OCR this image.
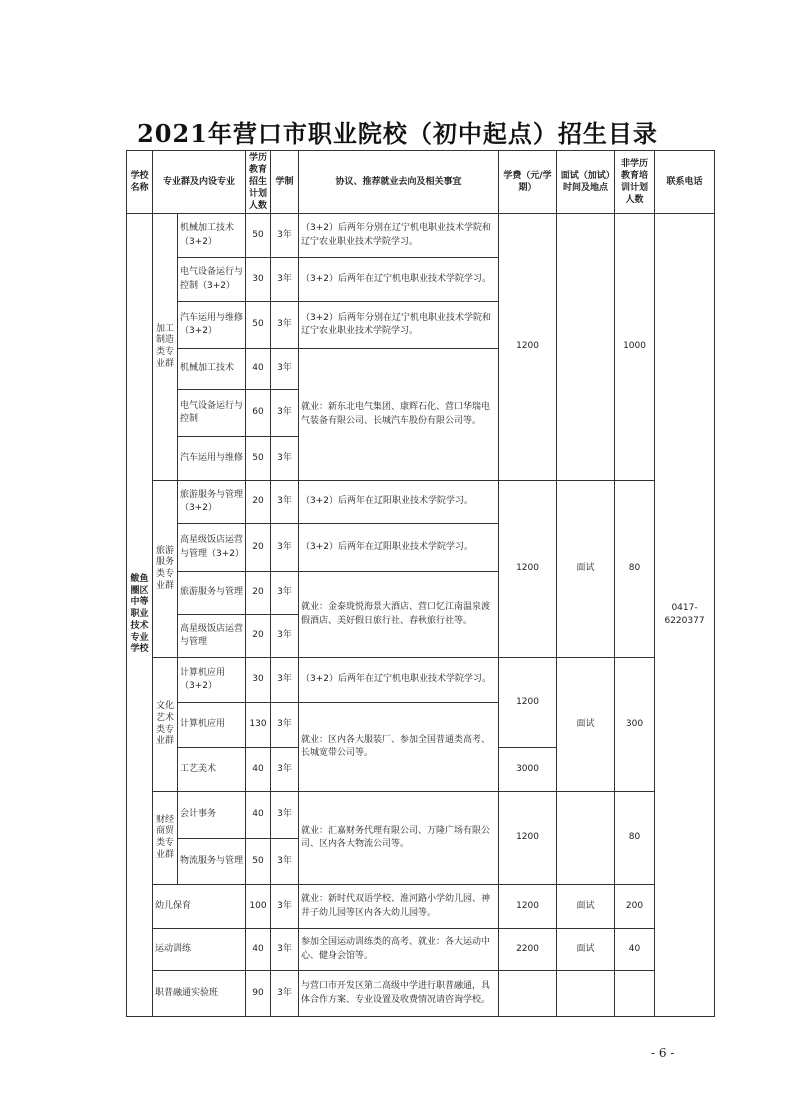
2021年营口市职业院校（初中起点）招生目录
学校名称	专业群及内设专业		学历教育招生计划人数	学制	协议、推荐就业去向及相关事宜	学费（元/学期）	面试（加试）时间及地点	非学历教育培训计划人数	联系电话
鲅鱼圈区中等职业技术专业学校	加工制造类专业群	机械加工技术（3+2）	50	3年	（3+2）后两年分别在辽宁机电职业技术学院和辽宁农业职业技术学院学习。	1200		1000	0417-6220377
		电气设备运行与控制（3+2）	30	3年	（3+2）后两年在辽宁机电职业技术学院学习。				
		汽车运用与维修（3+2）	50	3年	（3+2）后两年分别在辽宁机电职业技术学院和辽宁农业职业技术学院学习。				
		机械加工技术	40	3年	就业：新东北电气集团、康辉石化、营口华瑞电气装备有限公司、长城汽车股份有限公司等。				
		电气设备运行与控制	60	3年					
		汽车运用与维修	50	3年					
	旅游服务类专业群	旅游服务与管理（3+2）	20	3年	（3+2）后两年在辽阳职业技术学院学习。	1200	面试	80	
		高星级饭店运营与管理（3+2）	20	3年	（3+2）后两年在辽阳职业技术学院学习。				
		旅游服务与管理	20	3年	就业：金泰珑悦海景大酒店、营口忆江南温泉渡假酒店、美好假日旅行社、春秋旅行社等。				
		高星级饭店运营与管理	20	3年					
	文化艺术类专业群	计算机应用（3+2）	30	3年	（3+2）后两年在辽宁机电职业技术学院学习。	1200	面试	300	
		计算机应用	130	3年	就业：区内各大服装厂、参加全国普通类高考、长城宽带公司等。				
		工艺美术	40	3年		3000			
	财经商贸类专业群	会计事务	40	3年	就业：汇嘉财务代理有限公司、万隆广场有限公司、区内各大物流公司等。	1200		80	
		物流服务与管理	50	3年					
	幼儿保育		100	3年	就业：新时代双语学校、淮河路小学幼儿园、神井子幼儿园等区内各大幼儿园等。	1200	面试	200	
	运动训练		40	3年	参加全国运动训练类的高考、就业：各大运动中心、健身会馆等。	2200	面试	40	
	职普融通实验班		90	3年	与营口市开发区第二高级中学进行职普融通，具体合作方案、专业设置及收费情况请咨询学校。				
- 6 -
